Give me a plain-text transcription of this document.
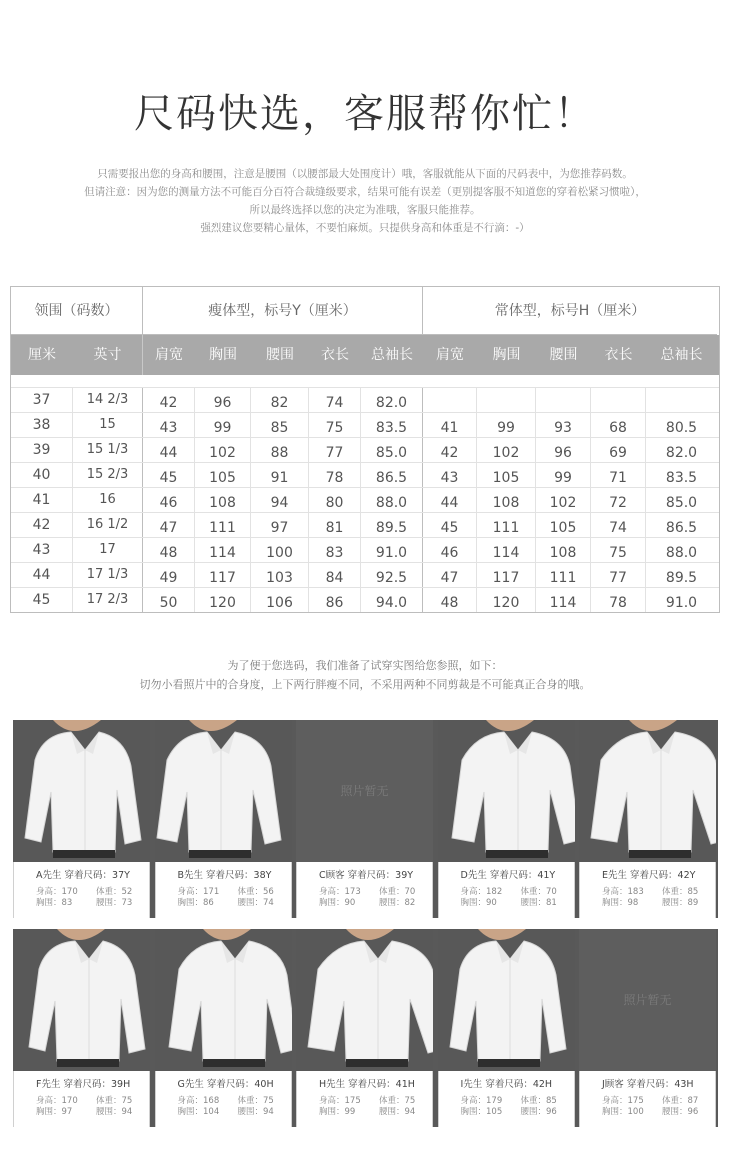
尺码快选，客服帮你忙！
只需要报出您的身高和腰围，注意是腰围（以腰部最大处围度计）哦，客服就能从下面的尺码表中，为您推荐码数。
但请注意：因为您的测量方法不可能百分百符合裁缝级要求，结果可能有误差（更别提客服不知道您的穿着松紧习惯啦），
所以最终选择以您的决定为准哦，客服只能推荐。
强烈建议您要精心量体，不要怕麻烦。只提供身高和体重是不行滴：-）
领围（码数）	瘦体型，标号Y（厘米）	常体型，标号H（厘米）
厘米	英寸	肩宽	胸围	腰围	衣长	总袖长	肩宽	胸围	腰围	衣长	总袖长
37	14 2/3	42	96	82	74	82.0
38	15	43	99	85	75	83.5	41	99	93	68	80.5
39	15 1/3	44	102	88	77	85.0	42	102	96	69	82.0
40	15 2/3	45	105	91	78	86.5	43	105	99	71	83.5
41	16	46	108	94	80	88.0	44	108	102	72	85.0
42	16 1/2	47	111	97	81	89.5	45	111	105	74	86.5
43	17	48	114	100	83	91.0	46	114	108	75	88.0
44	17 1/3	49	117	103	84	92.5	47	117	111	77	89.5
45	17 2/3	50	120	106	86	94.0	48	120	114	78	91.0
为了便于您选码，我们准备了试穿实图给您参照，如下：
切勿小看照片中的合身度，上下两行胖瘦不同，不采用两种不同剪裁是不可能真正合身的哦。
A先生 穿着尺码：37Y
身高：170 体重：52
胸围：83	腰围：73
B先生 穿着尺码：38Y
身高：171 体重：56
胸围：86	腰围：74
照片暂无
C顾客 穿着尺码：39Y
身高：173 体重：70
胸围：90	腰围：82
D先生 穿着尺码：41Y
身高：182 体重：70
胸围：90	腰围：81
E先生 穿着尺码：42Y
身高：183 体重：85
胸围：98	腰围：89
F先生 穿着尺码：39H
身高：170 体重：75
胸围：97	腰围：94
G先生 穿着尺码：40H
身高：168 体重：75
胸围：104 腰围：94
H先生 穿着尺码：41H
身高：175 体重：75
胸围：99	腰围：94
I先生 穿着尺码：42H
身高：179 体重：85
胸围：105 腰围：96
照片暂无
J顾客 穿着尺码：43H
身高：175 体重：87
胸围：100 腰围：96
